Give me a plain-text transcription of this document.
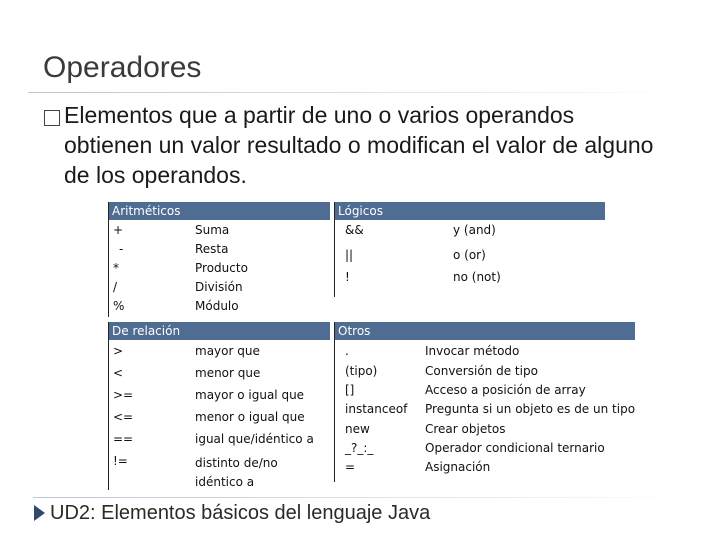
Operadores
Elementos que a partir de uno o varios operandos obtienen un valor resultado o modifican el valor de alguno de los operandos.
Aritméticos
+	Suma
-	Resta
*	Producto
/	División
%	Módulo
Lógicos
&&	y (and)
||	o (or)
!	no (not)
De relación
>	mayor que
<	menor que
>=	mayor o igual que
<=	menor o igual que
==	igual que/idéntico a
!=	distinto de/no idéntico a
Otros
.	Invocar método
(tipo)	Conversión de tipo
[]	Acceso a posición de array
instanceof Pregunta si un objeto es de un tipo
new	Crear objetos
_?_:_	Operador condicional ternario
=	Asignación
UD2: Elementos básicos del lenguaje Java
